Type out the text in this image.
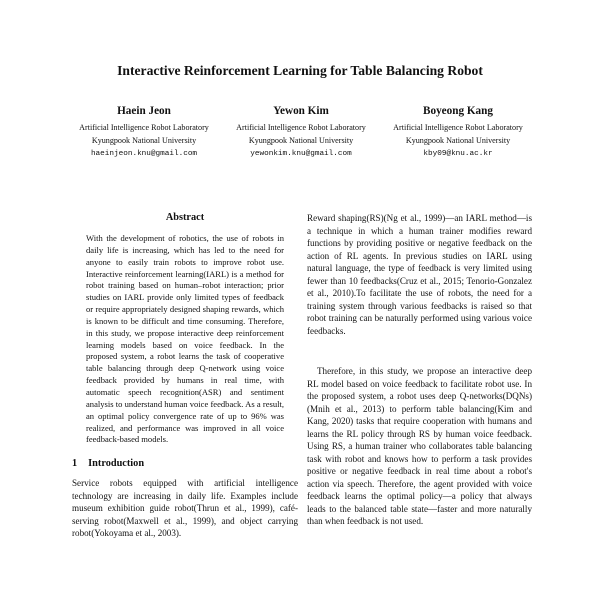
Interactive Reinforcement Learning for Table Balancing Robot
Haein Jeon
Artificial Intelligence Robot Laboratory
Kyungpook National University
haeinjeon.knu@gmail.com
Yewon Kim
Artificial Intelligence Robot Laboratory
Kyungpook National University
yewonkim.knu@gmail.com
Boyeong Kang
Artificial Intelligence Robot Laboratory
Kyungpook National University
kby09@knu.ac.kr
Abstract

With the development of robotics, the use of robots in daily life is increasing, which has led to the need for anyone to easily train robots to improve robot use. Interactive reinforcement learning(IARL) is a method for robot training based on human–robot interaction; prior studies on IARL provide only limited types of feedback or require appropriately designed shaping rewards, which is known to be difficult and time consuming. Therefore, in this study, we propose interactive deep reinforcement learning models based on voice feedback. In the proposed system, a robot learns the task of cooperative table balancing through deep Q-network using voice feedback provided by humans in real time, with automatic speech recognition(ASR) and sentiment analysis to understand human voice feedback. As a result, an optimal policy convergence rate of up to 96% was realized, and performance was improved in all voice feedback-based models.

1 Introduction

Service robots equipped with artificial intelligence technology are increasing in daily life. Examples include museum exhibition guide robot(Thrun et al., 1999), café-serving robot(Maxwell et al., 1999), and object carrying robot(Yokoyama et al., 2003).

Reward shaping(RS)(Ng et al., 1999)—an IARL method—is a technique in which a human trainer modifies reward functions by providing positive or negative feedback on the action of RL agents. In previous studies on IARL using natural language, the type of feedback is very limited using fewer than 10 feedbacks(Cruz et al., 2015; Tenorio-Gonzalez et al., 2010).To facilitate the use of robots, the need for a training system through various feedbacks is raised so that robot training can be naturally performed using various voice feedbacks.

Therefore, in this study, we propose an interactive deep RL model based on voice feedback to facilitate robot use. In the proposed system, a robot uses deep Q-networks(DQNs)(Mnih et al., 2013) to perform table balancing(Kim and Kang, 2020) tasks that require cooperation with humans and learns the RL policy through RS by human voice feedback. Using RS, a human trainer who collaborates table balancing task with robot and knows how to perform a task provides positive or negative feedback in real time about a robot's action via speech. Therefore, the agent provided with voice feedback learns the optimal policy—a policy that always leads to the balanced table state—faster and more naturally than when feedback is not used.
